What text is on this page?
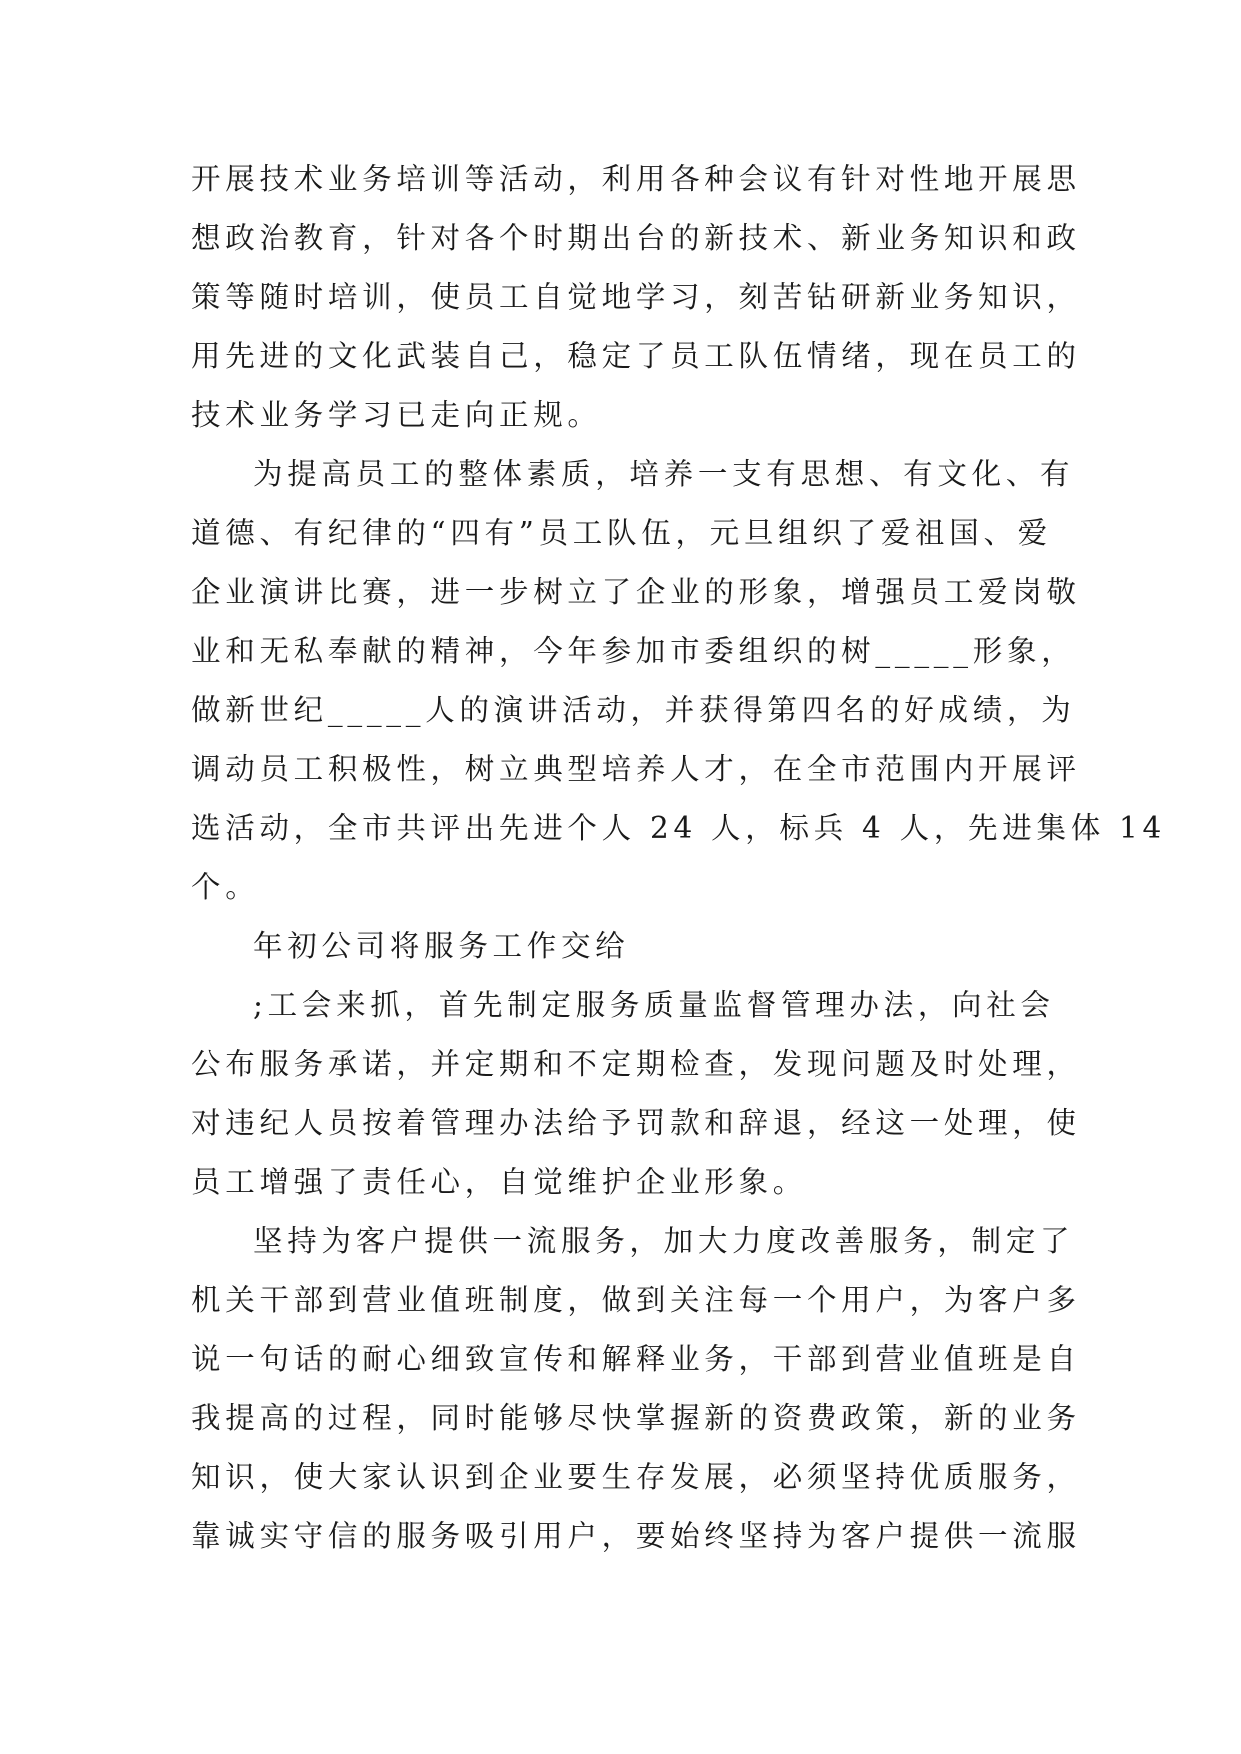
开展技术业务培训等活动，利用各种会议有针对性地开展思
想政治教育，针对各个时期出台的新技术、新业务知识和政
策等随时培训，使员工自觉地学习，刻苦钻研新业务知识，
用先进的文化武装自己，稳定了员工队伍情绪，现在员工的
技术业务学习已走向正规。
为提高员工的整体素质，培养一支有思想、有文化、有
道德、有纪律的“四有”员工队伍，元旦组织了爱祖国、爱
企业演讲比赛，进一步树立了企业的形象，增强员工爱岗敬
业和无私奉献的精神，今年参加市委组织的树_____形象，
做新世纪_____人的演讲活动，并获得第四名的好成绩，为
调动员工积极性，树立典型培养人才，在全市范围内开展评
选活动，全市共评出先进个人 24 人，标兵 4 人，先进集体 14
个。
年初公司将服务工作交给
;工会来抓，首先制定服务质量监督管理办法，向社会
公布服务承诺，并定期和不定期检查，发现问题及时处理，
对违纪人员按着管理办法给予罚款和辞退，经这一处理，使
员工增强了责任心，自觉维护企业形象。
坚持为客户提供一流服务，加大力度改善服务，制定了
机关干部到营业值班制度，做到关注每一个用户，为客户多
说一句话的耐心细致宣传和解释业务，干部到营业值班是自
我提高的过程，同时能够尽快掌握新的资费政策，新的业务
知识，使大家认识到企业要生存发展，必须坚持优质服务，
靠诚实守信的服务吸引用户，要始终坚持为客户提供一流服
